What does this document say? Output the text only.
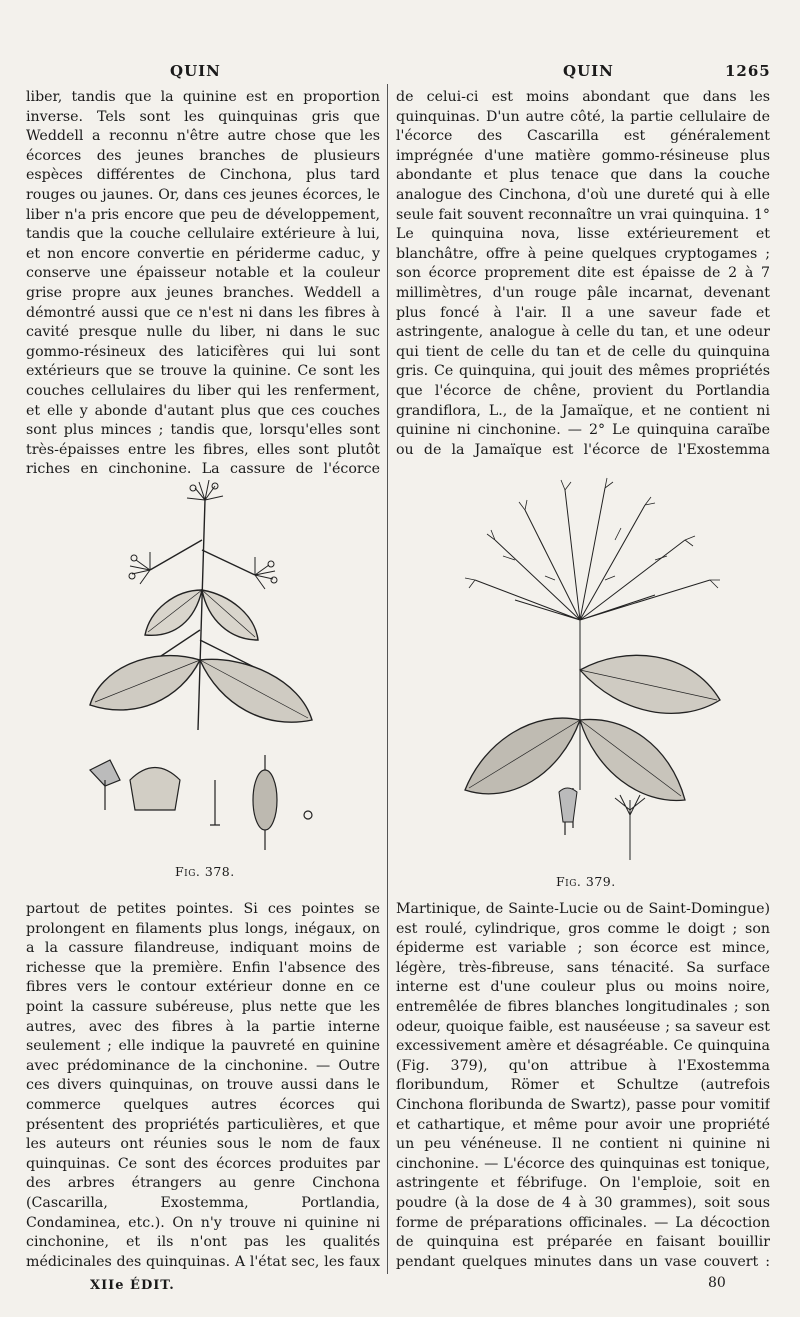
QUIN	QUIN	1265

liber, tandis que la quinine est en proportion inverse. Tels sont les quinquinas gris que Weddell a reconnu n'être autre chose que les écorces des jeunes branches de plusieurs espèces différentes de Cinchona, plus tard rouges ou jaunes. Or, dans ces jeunes écorces, le liber n'a pris encore que peu de développement, tandis que la couche cellulaire extérieure à lui, et non encore convertie en périderme caduc, y conserve une épaisseur notable et la couleur grise propre aux jeunes branches. Weddell a démontré aussi que ce n'est ni dans les fibres à cavité presque nulle du liber, ni dans le suc gommo-résineux des laticifères qui lui sont extérieurs que se trouve la quinine. Ce sont les couches cellulaires du liber qui les renferment, et elle y abonde d'autant plus que ces couches sont plus minces ; tandis que, lorsqu'elles sont très-épaisses entre les fibres, elles sont plutôt riches en cinchonine. La cassure de l'écorce

Fig. 378.

de celui-ci est moins abondant que dans les quinquinas. D'un autre côté, la partie cellulaire de l'écorce des Cascarilla est généralement imprégnée d'une matière gommo-résineuse plus abondante et plus tenace que dans la couche analogue des Cinchona, d'où une dureté qui à elle seule fait souvent reconnaître un vrai quinquina. 1° Le quinquina nova, lisse extérieurement et blanchâtre, offre à peine quelques cryptogames ; son écorce proprement dite est épaisse de 2 à 7 millimètres, d'un rouge pâle incarnat, devenant plus foncé à l'air. Il a une saveur fade et astringente, analogue à celle du tan, et une odeur qui tient de celle du tan et de celle du quinquina gris. Ce quinquina, qui jouit des mêmes propriétés que l'écorce de chêne, provient du Portlandia grandiflora, L., de la Jamaïque, et ne contient ni quinine ni cinchonine. — 2° Le quinquina caraïbe ou de la Jamaïque est l'écorce de l'Exostemma

Fig. 379.

partout de petites pointes. Si ces pointes se prolongent en filaments plus longs, inégaux, on a la cassure filandreuse, indiquant moins de richesse que la première. Enfin l'absence des fibres vers le contour extérieur donne en ce point la cassure subéreuse, plus nette que les autres, avec des fibres à la partie interne seulement ; elle indique la pauvreté en quinine avec prédominance de la cinchonine. — Outre ces divers quinquinas, on trouve aussi dans le commerce quelques autres écorces qui présentent des propriétés particulières, et que les auteurs ont réunies sous le nom de faux quinquinas. Ce sont des écorces produites par des arbres étrangers au genre Cinchona (Cascarilla, Exostemma, Portlandia, Condaminea, etc.). On n'y trouve ni quinine ni cinchonine, et ils n'ont pas les qualités médicinales des quinquinas. A l'état sec, les faux

Martinique, de Sainte-Lucie ou de Saint-Domingue) est roulé, cylindrique, gros comme le doigt ; son épiderme est variable ; son écorce est mince, légère, très-fibreuse, sans ténacité. Sa surface interne est d'une couleur plus ou moins noire, entremêlée de fibres blanches longitudinales ; son odeur, quoique faible, est nauséeuse ; sa saveur est excessivement amère et désagréable. Ce quinquina (Fig. 379), qu'on attribue à l'Exostemma floribundum, Römer et Schultze (autrefois Cinchona floribunda de Swartz), passe pour vomitif et cathartique, et même pour avoir une propriété un peu vénéneuse. Il ne contient ni quinine ni cinchonine. — L'écorce des quinquinas est tonique, astringente et fébrifuge. On l'emploie, soit en poudre (à la dose de 4 à 30 grammes), soit sous forme de préparations officinales. — La décoction de quinquina est préparée en faisant bouillir pendant quelques minutes dans un vase couvert :

XIIe ÉDIT.	80
